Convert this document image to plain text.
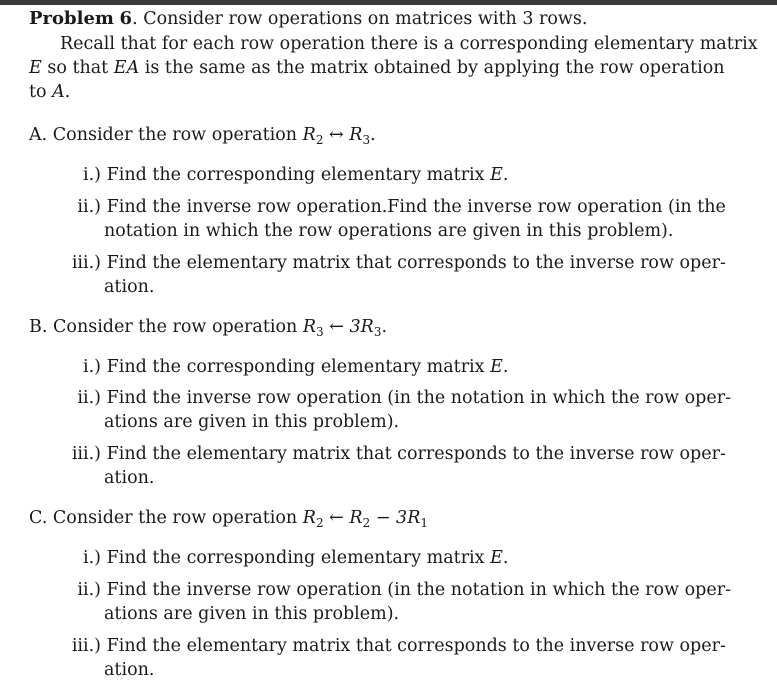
Problem 6. Consider row operations on matrices with 3 rows.
Recall that for each row operation there is a corresponding elementary matrix
E so that EA is the same as the matrix obtained by applying the row operation
to A.
A. Consider the row operation $R_2$ ↔ $R_3$.
i.) Find the corresponding elementary matrix E.
ii.) Find the inverse row operation.Find the inverse row operation (in the
notation in which the row operations are given in this problem).
iii.) Find the elementary matrix that corresponds to the inverse row oper-
ation.
B. Consider the row operation $R_3$ ← $3R_3$.
i.) Find the corresponding elementary matrix E.
ii.) Find the inverse row operation (in the notation in which the row oper-
ations are given in this problem).
iii.) Find the elementary matrix that corresponds to the inverse row oper-
ation.
C. Consider the row operation $R_2$ ← $R_2 - 3R_1$
i.) Find the corresponding elementary matrix E.
ii.) Find the inverse row operation (in the notation in which the row oper-
ations are given in this problem).
iii.) Find the elementary matrix that corresponds to the inverse row oper-
ation.
